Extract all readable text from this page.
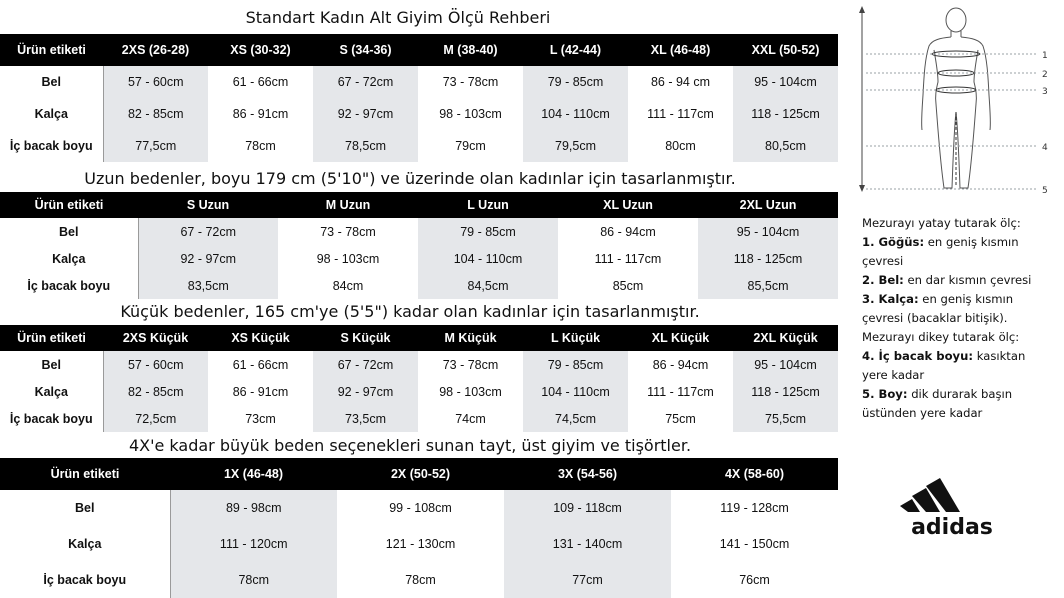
Standart Kadın Alt Giyim Ölçü Rehberi
Uzun bedenler, boyu 179 cm (5'10") ve üzerinde olan kadınlar için tasarlanmıştır.
Küçük bedenler, 165 cm'ye (5'5") kadar olan kadınlar için tasarlanmıştır.
4X'e kadar büyük beden seçenekleri sunan tayt, üst giyim ve tişörtler.
Ürün etiketi	2XS (26-28)	XS (30-32)	S (34-36)	M (38-40)	L (42-44)	XL (46-48)	XXL (50-52)
Bel	57 - 60cm	61 - 66cm	67 - 72cm	73 - 78cm	79 - 85cm	86 - 94 cm	95 - 104cm
Kalça	82 - 85cm	86 - 91cm	92 - 97cm	98 - 103cm	104 - 110cm	111 - 117cm	118 - 125cm
İç bacak boyu	77,5cm	78cm	78,5cm	79cm	79,5cm	80cm	80,5cm
Ürün etiketi	S Uzun	M Uzun	L Uzun	XL Uzun	2XL Uzun
Bel	67 - 72cm	73 - 78cm	79 - 85cm	86 - 94cm	95 - 104cm
Kalça	92 - 97cm	98 - 103cm	104 - 110cm	111 - 117cm	118 - 125cm
İç bacak boyu	83,5cm	84cm	84,5cm	85cm	85,5cm
Ürün etiketi	2XS Küçük	XS Küçük	S Küçük	M Küçük	L Küçük	XL Küçük	2XL Küçük
Bel	57 - 60cm	61 - 66cm	67 - 72cm	73 - 78cm	79 - 85cm	86 - 94cm	95 - 104cm
Kalça	82 - 85cm	86 - 91cm	92 - 97cm	98 - 103cm	104 - 110cm	111 - 117cm	118 - 125cm
İç bacak boyu	72,5cm	73cm	73,5cm	74cm	74,5cm	75cm	75,5cm
Ürün etiketi	1X (46-48)	2X (50-52)	3X (54-56)	4X (58-60)
Bel	89 - 98cm	99 - 108cm	109 - 118cm	119 - 128cm
Kalça	111 - 120cm	121 - 130cm	131 - 140cm	141 - 150cm
İç bacak boyu	78cm	78cm	77cm	76cm
1
2
3
4
5

Mezurayı yatay tutarak ölç:

1. Göğüs: en geniş kısmın

çevresi

2. Bel: en dar kısmın çevresi

3. Kalça: en geniş kısmın

çevresi (bacaklar bitişik).

Mezurayı dikey tutarak ölç:

4. İç bacak boyu: kasıktan

yere kadar

5. Boy: dik durarak başın

üstünden yere kadar

adidas
